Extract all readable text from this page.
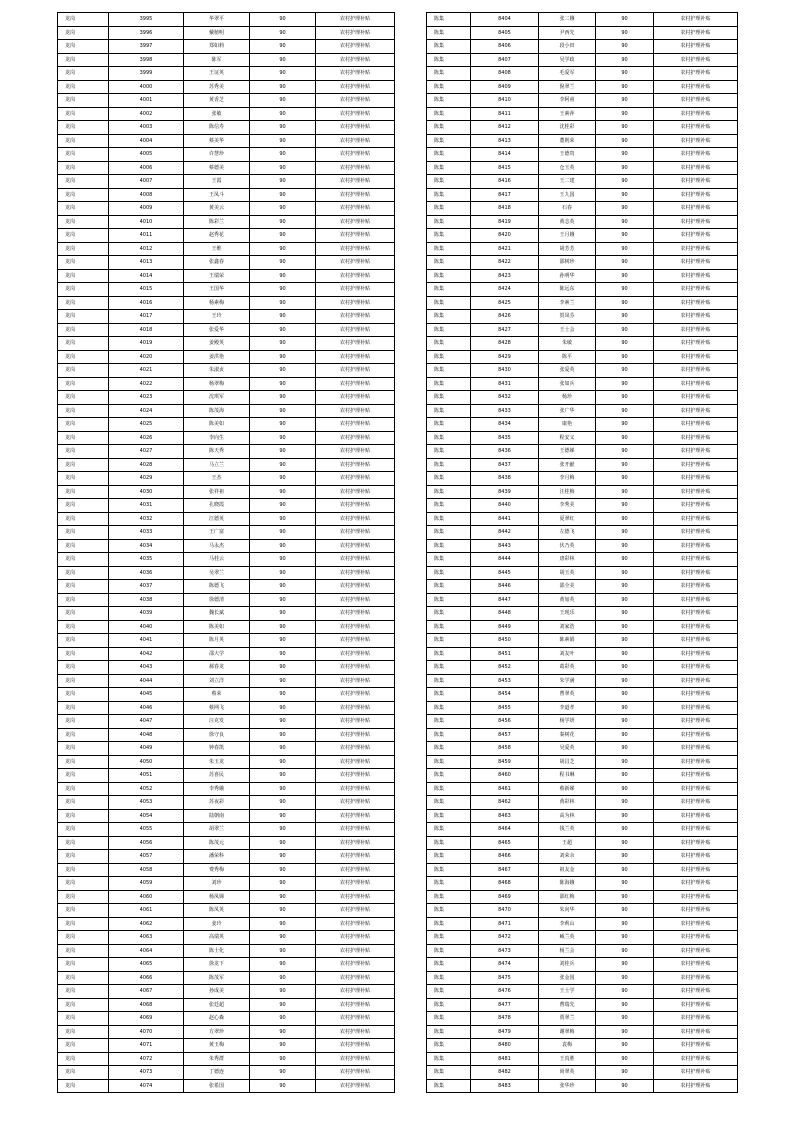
龙岗	3995	华翠平	90	农村护理补贴
龙岗	3996	戴植明	90	农村护理补贴
龙岗	3997	郑如莉	90	农村护理补贴
龙岗	3998	陈军	90	农村护理补贴
龙岗	3999	王证英	90	农村护理补贴
龙岗	4000	苏秀美	90	农村护理补贴
龙岗	4001	黄香芝	90	农村护理补贴
龙岗	4002	张敏	90	农村护理补贴
龙岗	4003	陈信寿	90	农村护理补贴
龙岗	4004	蔡美华	90	农村护理补贴
龙岗	4005	许慧珍	90	农村护理补贴
龙岗	4006	蔡德美	90	农村护理补贴
龙岗	4007	王霞	90	农村护理补贴
龙岗	4008	王凤斗	90	农村护理补贴
龙岗	4009	黄美云	90	农村护理补贴
龙岗	4010	陈彩兰	90	农村护理补贴
龙岗	4011	赵秀花	90	农村护理补贴
龙岗	4012	王维	90	农村护理补贴
龙岗	4013	张鑫春	90	农村护理补贴
龙岗	4014	王瑞荣	90	农村护理补贴
龙岗	4015	王国华	90	农村护理补贴
龙岗	4016	杨素梅	90	农村护理补贴
龙岗	4017	王玲	90	农村护理补贴
龙岗	4018	张爱华	90	农村护理补贴
龙岗	4019	姜殿英	90	农村护理补贴
龙岗	4020	姜洪艳	90	农村护理补贴
龙岗	4021	朱淑贞	90	农村护理补贴
龙岗	4022	杨翠梅	90	农村护理补贴
龙岗	4023	沈琪军	90	农村护理补贴
龙岗	4024	陈茂海	90	农村护理补贴
龙岗	4025	陈美如	90	农村护理补贴
龙岗	4026	李向生	90	农村护理补贴
龙岗	4027	陈天秀	90	农村护理补贴
龙岗	4028	马立兰	90	农村护理补贴
龙岗	4029	王杰	90	农村护理补贴
龙岗	4030	张祥祖	90	农村护理补贴
龙岗	4031	孔晓霞	90	农村护理补贴
龙岗	4032	江德英	90	农村护理补贴
龙岗	4033	王广富	90	农村护理补贴
龙岗	4034	马永杰	90	农村护理补贴
龙岗	4035	马桂云	90	农村护理补贴
龙岗	4036	吴翠兰	90	农村护理补贴
龙岗	4037	陈德飞	90	农村护理补贴
龙岗	4038	徐德清	90	农村护理补贴
龙岗	4039	魏长斌	90	农村护理补贴
龙岗	4040	陈美如	90	农村护理补贴
龙岗	4041	陈月英	90	农村护理补贴
龙岗	4042	邵大学	90	农村护理补贴
龙岗	4043	郝春龙	90	农村护理补贴
龙岗	4044	刘立洋	90	农村护理补贴
龙岗	4045	蔡荣	90	农村护理补贴
龙岗	4046	蔡网飞	90	农村护理补贴
龙岗	4047	汪克发	90	农村护理补贴
龙岗	4048	徐守良	90	农村护理补贴
龙岗	4049	钟春凯	90	农村护理补贴
龙岗	4050	朱玉龙	90	农村护理补贴
龙岗	4051	苏喜民	90	农村护理补贴
龙岗	4052	李秀娥	90	农村护理补贴
龙岗	4053	苏夜彩	90	农村护理补贴
龙岗	4054	陆朝南	90	农村护理补贴
龙岗	4055	胡翠兰	90	农村护理补贴
龙岗	4056	陈茂元	90	农村护理补贴
龙岗	4057	潘荣科	90	农村护理补贴
龙岗	4058	费秀梅	90	农村护理补贴
龙岗	4059	刘珍	90	农村护理补贴
龙岗	4060	杨凤娣	90	农村护理补贴
龙岗	4061	陈凤英	90	农村护理补贴
龙岗	4062	姜玲	90	农村护理补贴
龙岗	4063	高瑞英	90	农村护理补贴
龙岗	4064	陈士化	90	农村护理补贴
龙岗	4065	徐龙下	90	农村护理补贴
龙岗	4066	陈茂军	90	农村护理补贴
龙岗	4067	孙成美	90	农村护理补贴
龙岗	4068	张廷超	90	农村护理补贴
龙岗	4069	赵心森	90	农村护理补贴
龙岗	4070	方翠珍	90	农村护理补贴
龙岗	4071	黄玉梅	90	农村护理补贴
龙岗	4072	朱秀群	90	农村护理补贴
龙岗	4073	丁德连	90	农村护理补贴
龙岗	4074	张希国	90	农村护理补贴
陈集	8404	张二娥	90	农村护理补贴
陈集	8405	尹西先	90	农村护理补贴
陈集	8406	段小田	90	农村护理补贴
陈集	8407	吴学政	90	农村护理补贴
陈集	8408	毛爱军	90	农村护理补贴
陈集	8409	倪翠兰	90	农村护理补贴
陈集	8410	李阿甫	90	农村护理补贴
陈集	8411	王素萍	90	农村护理补贴
陈集	8412	沈桂彩	90	农村护理补贴
陈集	8413	董則荣	90	农村护理补贴
陈集	8414	王德贵	90	农村护理补贴
陈集	8415	仓玉英	90	农村护理补贴
陈集	8416	王二建	90	农村护理补贴
陈集	8417	王九国	90	农村护理补贴
陈集	8418	石春	90	农村护理补贴
陈集	8419	黄志英	90	农村护理补贴
陈集	8420	王月娥	90	农村护理补贴
陈集	8421	胡芳芳	90	农村护理补贴
陈集	8422	邵树珍	90	农村护理补贴
陈集	8423	孙明华	90	农村护理补贴
陈集	8424	陈远东	90	农村护理补贴
陈集	8425	李素兰	90	农村护理补贴
陈集	8426	贺凤芬	90	农村护理补贴
陈集	8427	王士会	90	农村护理补贴
陈集	8428	朱敏	90	农村护理补贴
陈集	8429	陈平	90	农村护理补贴
陈集	8430	张爱英	90	农村护理补贴
陈集	8431	张如兵	90	农村护理补贴
陈集	8432	杨珍	90	农村护理补贴
陈集	8433	张广华	90	农村护理补贴
陈集	8434	康艳	90	农村护理补贴
陈集	8435	程安义	90	农村护理补贴
陈集	8436	王德娣	90	农村护理补贴
陈集	8437	张开献	90	农村护理补贴
陈集	8438	李月梅	90	农村护理补贴
陈集	8439	汪桂梅	90	农村护理补贴
陈集	8440	李秀美	90	农村护理补贴
陈集	8441	夏翠红	90	农村护理补贴
陈集	8442	左德飞	90	农村护理补贴
陈集	8443	伏乃英	90	农村护理补贴
陈集	8444	唐彩林	90	农村护理补贴
陈集	8445	胡玉英	90	农村护理补贴
陈集	8446	邵全美	90	农村护理补贴
陈集	8447	黄加英	90	农村护理补贴
陈集	8448	王现乐	90	农村护理补贴
陈集	8449	刘家浩	90	农村护理补贴
陈集	8450	陈素娟	90	农村护理补贴
陈集	8451	刘友叶	90	农村护理补贴
陈集	8452	葛彩英	90	农村护理补贴
陈集	8453	朱学满	90	农村护理补贴
陈集	8454	曹翠英	90	农村护理补贴
陈集	8455	李道孝	90	农村护理补贴
陈集	8456	杨学妍	90	农村护理补贴
陈集	8457	秦树花	90	农村护理补贴
陈集	8458	吴爱英	90	农村护理补贴
陈集	8459	胡昌芝	90	农村护理补贴
陈集	8460	程书琳	90	农村护理补贴
陈集	8461	蔡新娣	90	农村护理补贴
陈集	8462	黄彩林	90	农村护理补贴
陈集	8463	高为林	90	农村护理补贴
陈集	8464	钱兰英	90	农村护理补贴
陈集	8465	王超	90	农村护理补贴
陈集	8466	刘荣余	90	农村护理补贴
陈集	8467	祖友金	90	农村护理补贴
陈集	8468	陈海娥	90	农村护理补贴
陈集	8469	邵红梅	90	农村护理补贴
陈集	8470	朱向华	90	农村护理补贴
陈集	8471	李莉山	90	农村护理补贴
陈集	8472	臧兰英	90	农村护理补贴
陈集	8473	杨兰会	90	农村护理补贴
陈集	8474	刘桂兵	90	农村护理补贴
陈集	8475	张金国	90	农村护理补贴
陈集	8476	王士学	90	农村护理补贴
陈集	8477	曹瑞先	90	农村护理补贴
陈集	8478	贾翠兰	90	农村护理补贴
陈集	8479	谢翠梅	90	农村护理补贴
陈集	8480	袁梅	90	农村护理补贴
陈集	8481	王真胜	90	农村护理补贴
陈集	8482	尚翠英	90	农村护理补贴
陈集	8483	张华珍	90	农村护理补贴
